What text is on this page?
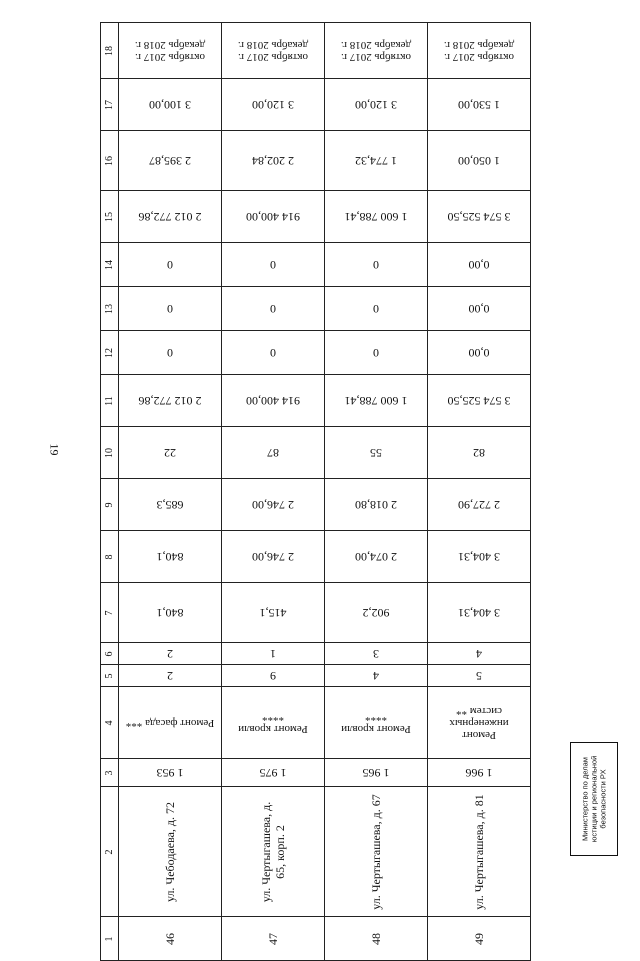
19
18	октябрь 2017 г. декабрь 2018 г.	октябрь 2017 г. декабрь 2018 г.	октябрь 2017 г. декабрь 2018 г.	октябрь 2017 г. декабрь 2018 г.

17	3 100,00	3 120,00	3 120,00	1 530,00

16	2 395,87	2 202,84	1 774,32	1 050,00

15	2 012 772,86	914 400,00	1 600 788,41	3 574 525,50

14	0	0	0	0,00

13	0	0	0	0,00

12	0	0	0	0,00

11	2 012 772,86	914 400,00	1 600 788,41	3 574 525,50

10	22	87	55	82

9	685,3	2 746,00	2 018,80	2 727,90

8	840,1	2 746,00	2 074,00	3 404,31

7	840,1	415,1	902,2	3 404,31

6	2	1	3	4

5	2	9	4	5

4	Ремонт фасада ***	Ремонт кровли ****	Ремонт кровли ****	Ремонт инженерных систем **

3	1 953	1 975	1 965	1 966

2	ул. Чебодаева, д. 72	ул. Чертыгашева, д. 65, корп. 2	ул. Чертыгашева, д. 67	ул. Чертыгашева, д. 81

1	46	47	48	49
Министерство по делам юстиции и региональной безопасности РХ
